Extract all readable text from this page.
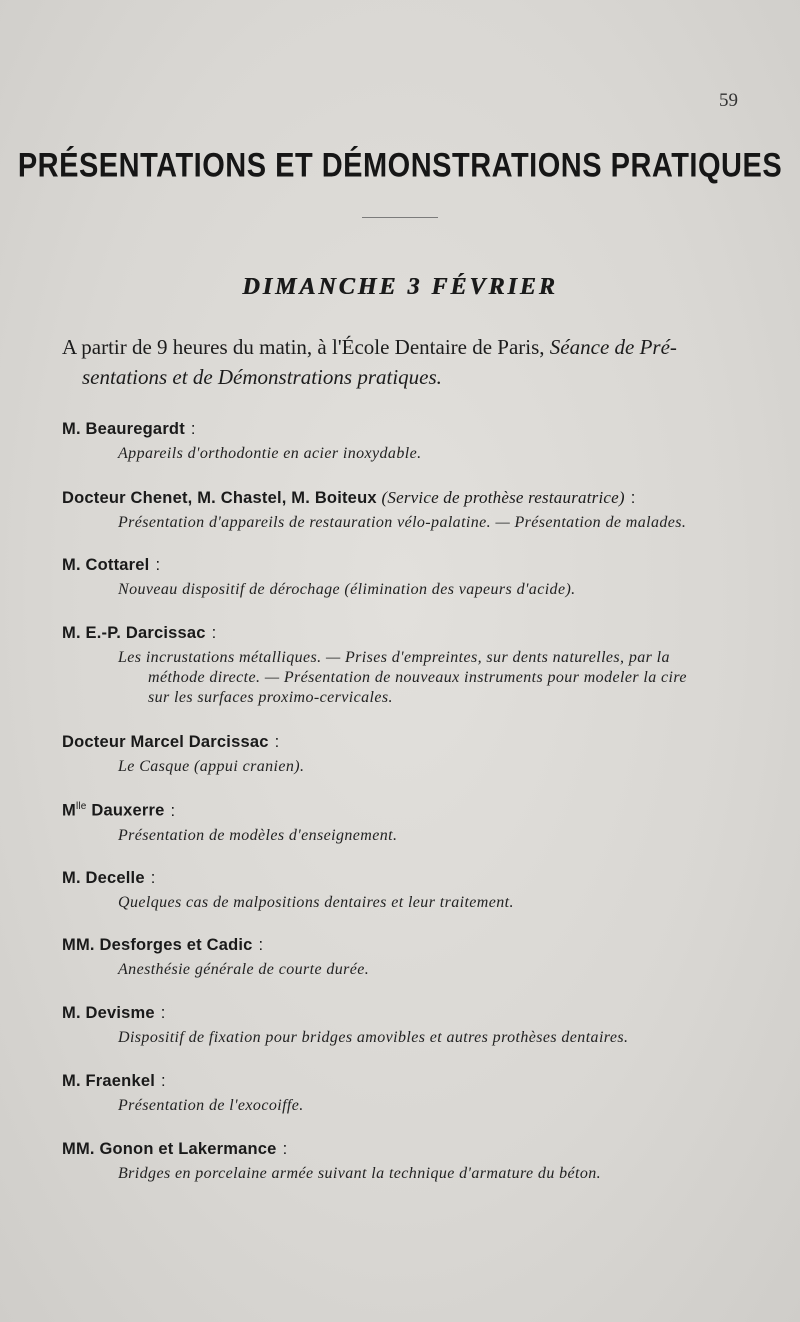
59
PRÉSENTATIONS ET DÉMONSTRATIONS PRATIQUES
DIMANCHE 3 FÉVRIER
A partir de 9 heures du matin, à l'École Dentaire de Paris, Séance de Pré-
sentations et de Démonstrations pratiques.
M. Beauregardt :
Appareils d'orthodontie en acier inoxydable.
Docteur Chenet, M. Chastel, M. Boiteux (Service de prothèse restauratrice) :
Présentation d'appareils de restauration vélo-palatine. — Présentation de malades.
M. Cottarel :
Nouveau dispositif de dérochage (élimination des vapeurs d'acide).
M. E.-P. Darcissac :
Les incrustations métalliques. — Prises d'empreintes, sur dents naturelles, par la
méthode directe. — Présentation de nouveaux instruments pour modeler la cire
sur les surfaces proximo-cervicales.
Docteur Marcel Darcissac :
Le Casque (appui cranien).
$M^{lle}$ Dauxerre :
Présentation de modèles d'enseignement.
M. Decelle :
Quelques cas de malpositions dentaires et leur traitement.
MM. Desforges et Cadic :
Anesthésie générale de courte durée.
M. Devisme :
Dispositif de fixation pour bridges amovibles et autres prothèses dentaires.
M. Fraenkel :
Présentation de l'exocoiffe.
MM. Gonon et Lakermance :
Bridges en porcelaine armée suivant la technique d'armature du béton.
